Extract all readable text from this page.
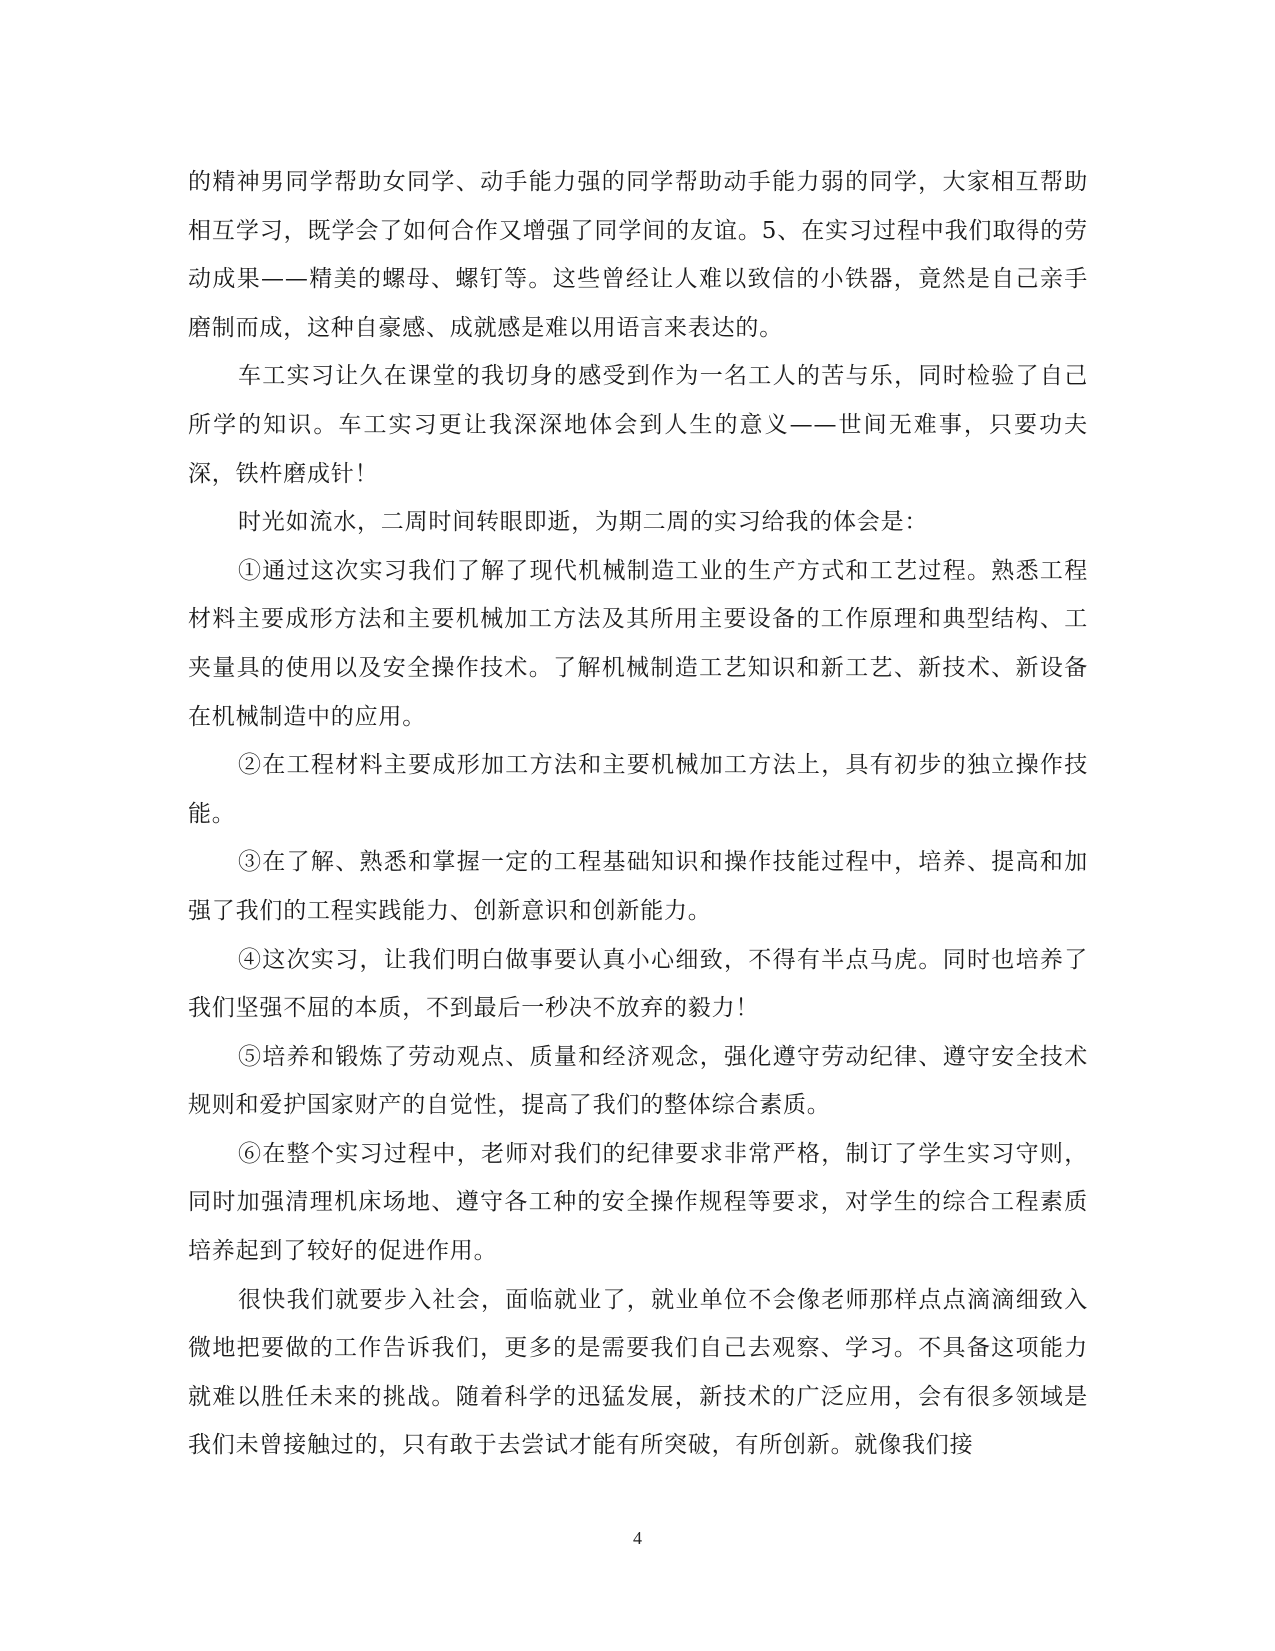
的精神男同学帮助女同学、动手能力强的同学帮助动手能力弱的同学，大家相互帮助相互学习，既学会了如何合作又增强了同学间的友谊。5、在实习过程中我们取得的劳动成果——精美的螺母、螺钉等。这些曾经让人难以致信的小铁器，竟然是自己亲手磨制而成，这种自豪感、成就感是难以用语言来表达的。

车工实习让久在课堂的我切身的感受到作为一名工人的苦与乐，同时检验了自己所学的知识。车工实习更让我深深地体会到人生的意义——世间无难事，只要功夫深，铁杵磨成针！

时光如流水，二周时间转眼即逝，为期二周的实习给我的体会是：

①通过这次实习我们了解了现代机械制造工业的生产方式和工艺过程。熟悉工程材料主要成形方法和主要机械加工方法及其所用主要设备的工作原理和典型结构、工夹量具的使用以及安全操作技术。了解机械制造工艺知识和新工艺、新技术、新设备在机械制造中的应用。

②在工程材料主要成形加工方法和主要机械加工方法上，具有初步的独立操作技能。

③在了解、熟悉和掌握一定的工程基础知识和操作技能过程中，培养、提高和加强了我们的工程实践能力、创新意识和创新能力。

④这次实习，让我们明白做事要认真小心细致，不得有半点马虎。同时也培养了我们坚强不屈的本质，不到最后一秒决不放弃的毅力！

⑤培养和锻炼了劳动观点、质量和经济观念，强化遵守劳动纪律、遵守安全技术规则和爱护国家财产的自觉性，提高了我们的整体综合素质。

⑥在整个实习过程中，老师对我们的纪律要求非常严格，制订了学生实习守则，同时加强清理机床场地、遵守各工种的安全操作规程等要求，对学生的综合工程素质培养起到了较好的促进作用。

很快我们就要步入社会，面临就业了，就业单位不会像老师那样点点滴滴细致入微地把要做的工作告诉我们，更多的是需要我们自己去观察、学习。不具备这项能力就难以胜任未来的挑战。随着科学的迅猛发展，新技术的广泛应用，会有很多领域是我们未曾接触过的，只有敢于去尝试才能有所突破，有所创新。就像我们接

4
